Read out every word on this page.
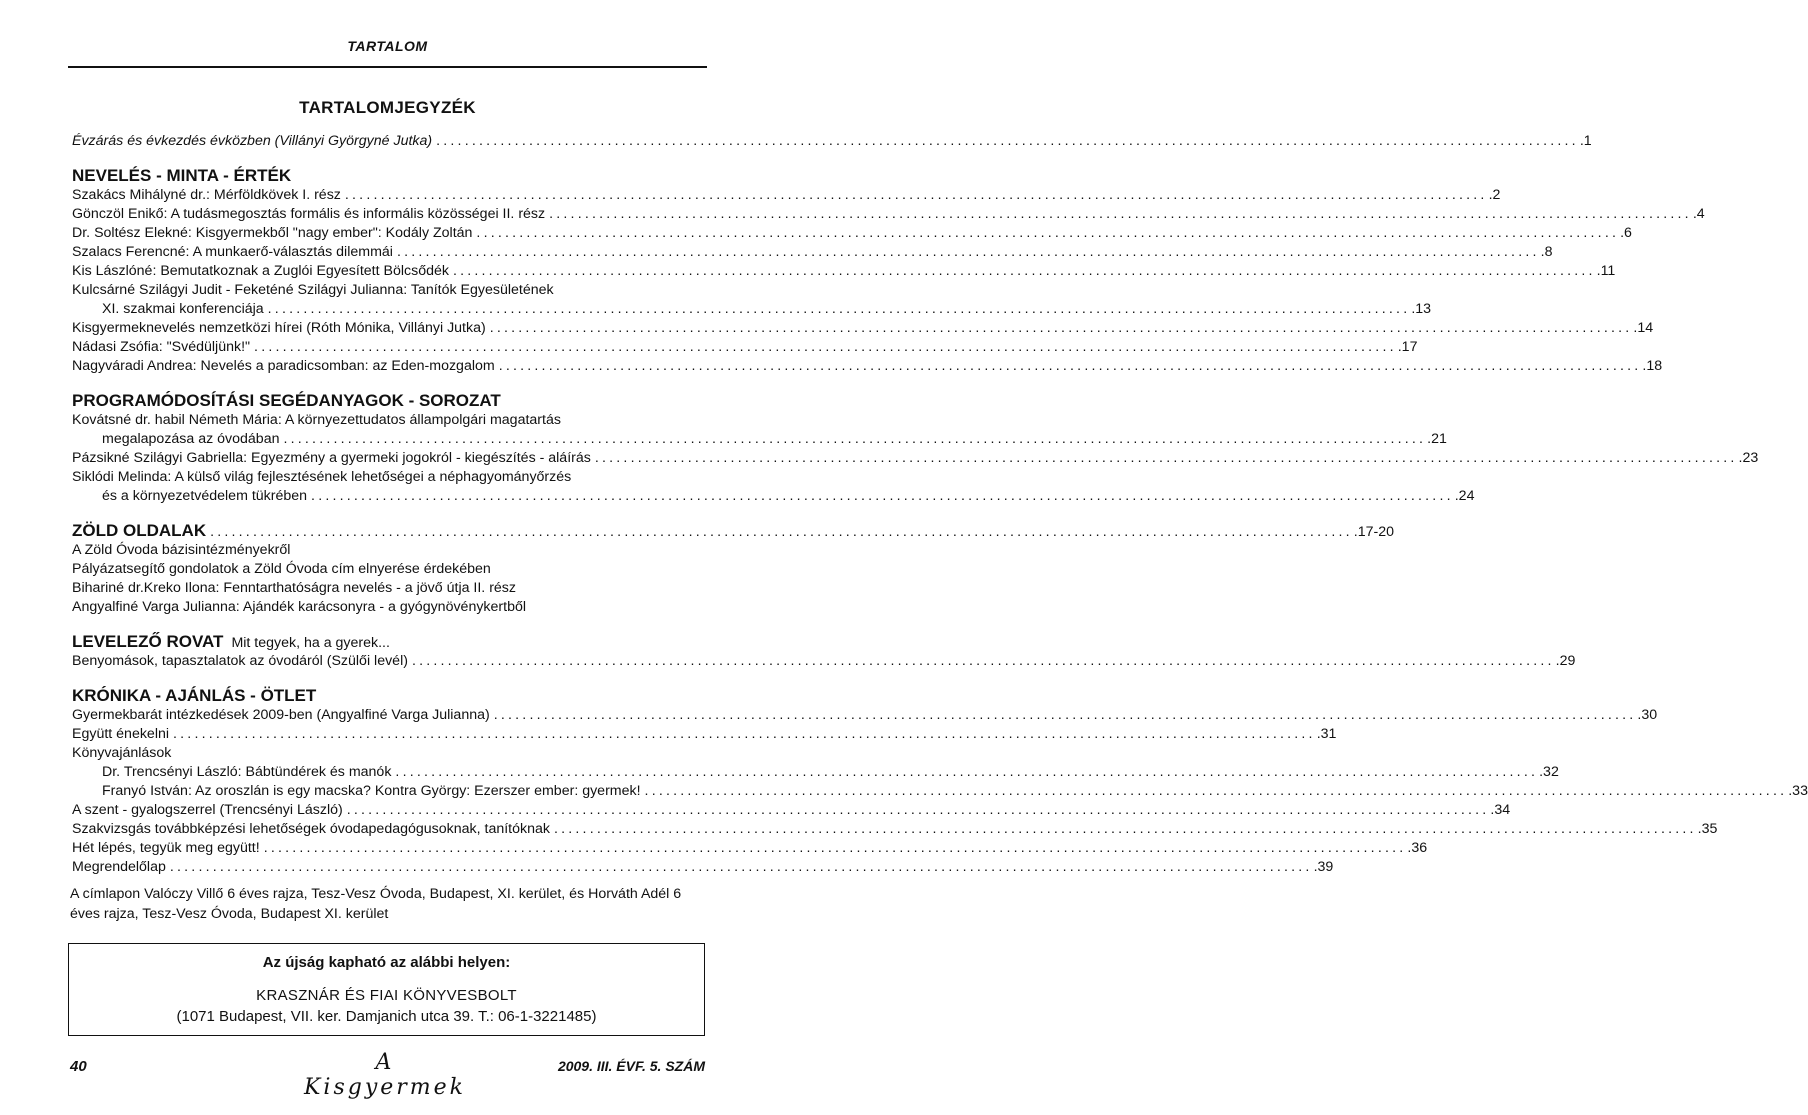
TARTALOM
TARTALOMJEGYZÉK
Évzárás és évkezdés évközben (Villányi Györgyné Jutka) .....	.1
NEVELÉS - MINTA - ÉRTÉK
Szakács Mihályné dr.: Mérföldkövek I. rész .....	.2
Gönczöl Enikő: A tudásmegosztás formális és informális közösségei II. rész .....	.4
Dr. Soltész Elekné: Kisgyermekből "nagy ember": Kodály Zoltán .....	.6
Szalacs Ferencné: A munkaerő-választás dilemmái .....	.8
Kis Lászlóné: Bemutatkoznak a Zuglói Egyesített Bölcsődék .....	.11
Kulcsárné Szilágyi Judit - Feketéné Szilágyi Julianna: Tanítók Egyesületének
XI. szakmai konferenciája .....	.13
Kisgyermeknevelés nemzetközi hírei (Róth Mónika, Villányi Jutka) .....	.14
Nádasi Zsófia: "Svédüljünk!" .....	.17
Nagyváradi Andrea: Nevelés a paradicsomban: az Eden-mozgalom .....	.18
PROGRAMÓDOSÍTÁSI SEGÉDANYAGOK - SOROZAT
Kovátsné dr. habil Németh Mária: A környezettudatos állampolgári magatartás
megalapozása az óvodában .....	.21
Pázsikné Szilágyi Gabriella: Egyezmény a gyermeki jogokról - kiegészítés - aláírás .....	.23
Siklódi Melinda: A külső világ fejlesztésének lehetőségei a néphagyományőrzés
és a környezetvédelem tükrében .....	.24
ZÖLD OLDALAK .....	.17-20
A Zöld Óvoda bázisintézményekről
Pályázatsegítő gondolatok a Zöld Óvoda cím elnyerése érdekében
Bihariné dr.Kreko Ilona: Fenntarthatóságra nevelés - a jövő útja II. rész
Angyalfiné Varga Julianna: Ajándék karácsonyra - a gyógynövénykertből
LEVELEZŐ ROVAT Mit tegyek, ha a gyerek...
Benyomások, tapasztalatok az óvodáról (Szülői levél) .....	.29
KRÓNIKA - AJÁNLÁS - ÖTLET
Gyermekbarát intézkedések 2009-ben (Angyalfiné Varga Julianna) .....	.30
Együtt énekelni .....	.31
Könyvajánlások
Dr. Trencsényi László: Bábtündérek és manók .....	.32
Franyó István: Az oroszlán is egy macska? Kontra György: Ezerszer ember: gyermek! .....	.33
A szent - gyalogszerrel (Trencsényi László) .....	.34
Szakvizsgás továbbképzési lehetőségek óvodapedagógusoknak, tanítóknak .....	.35
Hét lépés, tegyük meg együtt! .....	.36
Megrendelőlap .....	.39
A címlapon Valóczy Villő 6 éves rajza, Tesz-Vesz Óvoda, Budapest, XI. kerület, és Horváth Adél 6 éves rajza, Tesz-Vesz Óvoda, Budapest XI. kerület
Az újság kapható az alábbi helyen:
KRASZNÁR ÉS FIAI KÖNYVESBOLT
(1071 Budapest, VII. ker. Damjanich utca 39. T.: 06-1-3221485)
40	A Kisgyermek
2009. III. ÉVF. 5. SZÁM
